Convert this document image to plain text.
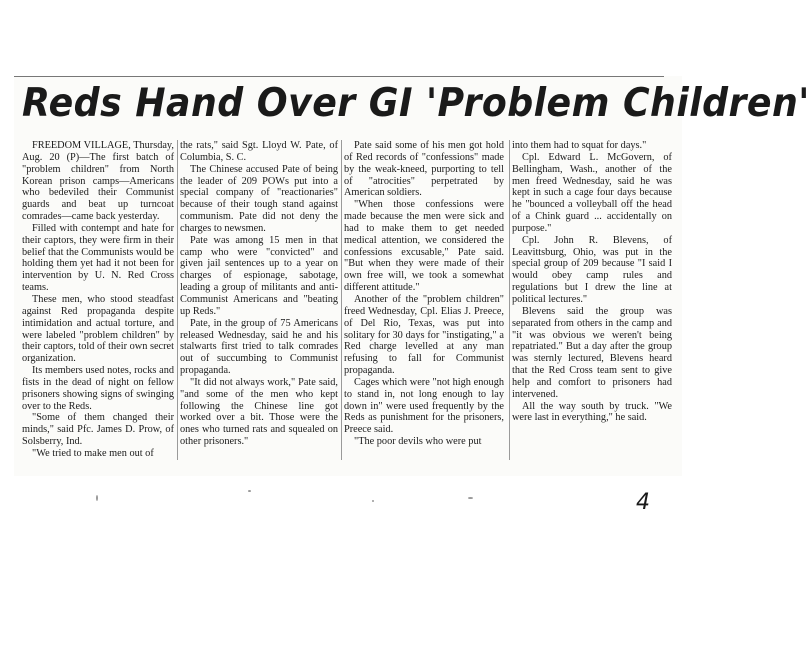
Reds Hand Over GI 'Problem Children'

FREEDOM VILLAGE, Thursday, Aug. 20 (P)—The first batch of "problem children" from North Korean prison camps—Americans who bedeviled their Communist guards and beat up turncoat comrades—came back yesterday.

Filled with contempt and hate for their captors, they were firm in their belief that the Communists would be holding them yet had it not been for intervention by U. N. Red Cross teams.

These men, who stood steadfast against Red propaganda despite intimidation and actual torture, and were labeled "problem children" by their captors, told of their own secret organization.

Its members used notes, rocks and fists in the dead of night on fellow prisoners showing signs of swinging over to the Reds.

"Some of them changed their minds," said Pfc. James D. Prow, of Solsberry, Ind.

"We tried to make men out of

the rats," said Sgt. Lloyd W. Pate, of Columbia, S. C.

The Chinese accused Pate of being the leader of 209 POWs put into a special company of "reactionaries" because of their tough stand against communism. Pate did not deny the charges to newsmen.

Pate was among 15 men in that camp who were "convicted" and given jail sentences up to a year on charges of espionage, sabotage, leading a group of militants and anti-Communist Americans and "beating up Reds."

Pate, in the group of 75 Americans released Wednesday, said he and his stalwarts first tried to talk comrades out of succumbing to Communist propaganda.

"It did not always work," Pate said, "and some of the men who kept following the Chinese line got worked over a bit. Those were the ones who turned rats and squealed on other prisoners."

Pate said some of his men got hold of Red records of "confessions" made by the weak-kneed, purporting to tell of "atrocities" perpetrated by American soldiers.

"When those confessions were made because the men were sick and had to make them to get needed medical attention, we considered the confessions excusable," Pate said. "But when they were made of their own free will, we took a somewhat different attitude."

Another of the "problem children" freed Wednesday, Cpl. Elias J. Preece, of Del Rio, Texas, was put into solitary for 30 days for "instigating," a Red charge levelled at any man refusing to fall for Communist propaganda.

Cages which were "not high enough to stand in, not long enough to lay down in" were used frequently by the Reds as punishment for the prisoners, Preece said.

"The poor devils who were put

into them had to squat for days."

Cpl. Edward L. McGovern, of Bellingham, Wash., another of the men freed Wednesday, said he was kept in such a cage four days because he "bounced a volleyball off the head of a Chink guard ... accidentally on purpose."

Cpl. John R. Blevens, of Leavittsburg, Ohio, was put in the special group of 209 because "I said I would obey camp rules and regulations but I drew the line at political lectures."

Blevens said the group was separated from others in the camp and "it was obvious we weren't being repatriated." But a day after the group was sternly lectured, Blevens heard that the Red Cross team sent to give help and comfort to prisoners had intervened.

All the way south by truck. "We were last in everything," he said.

4
